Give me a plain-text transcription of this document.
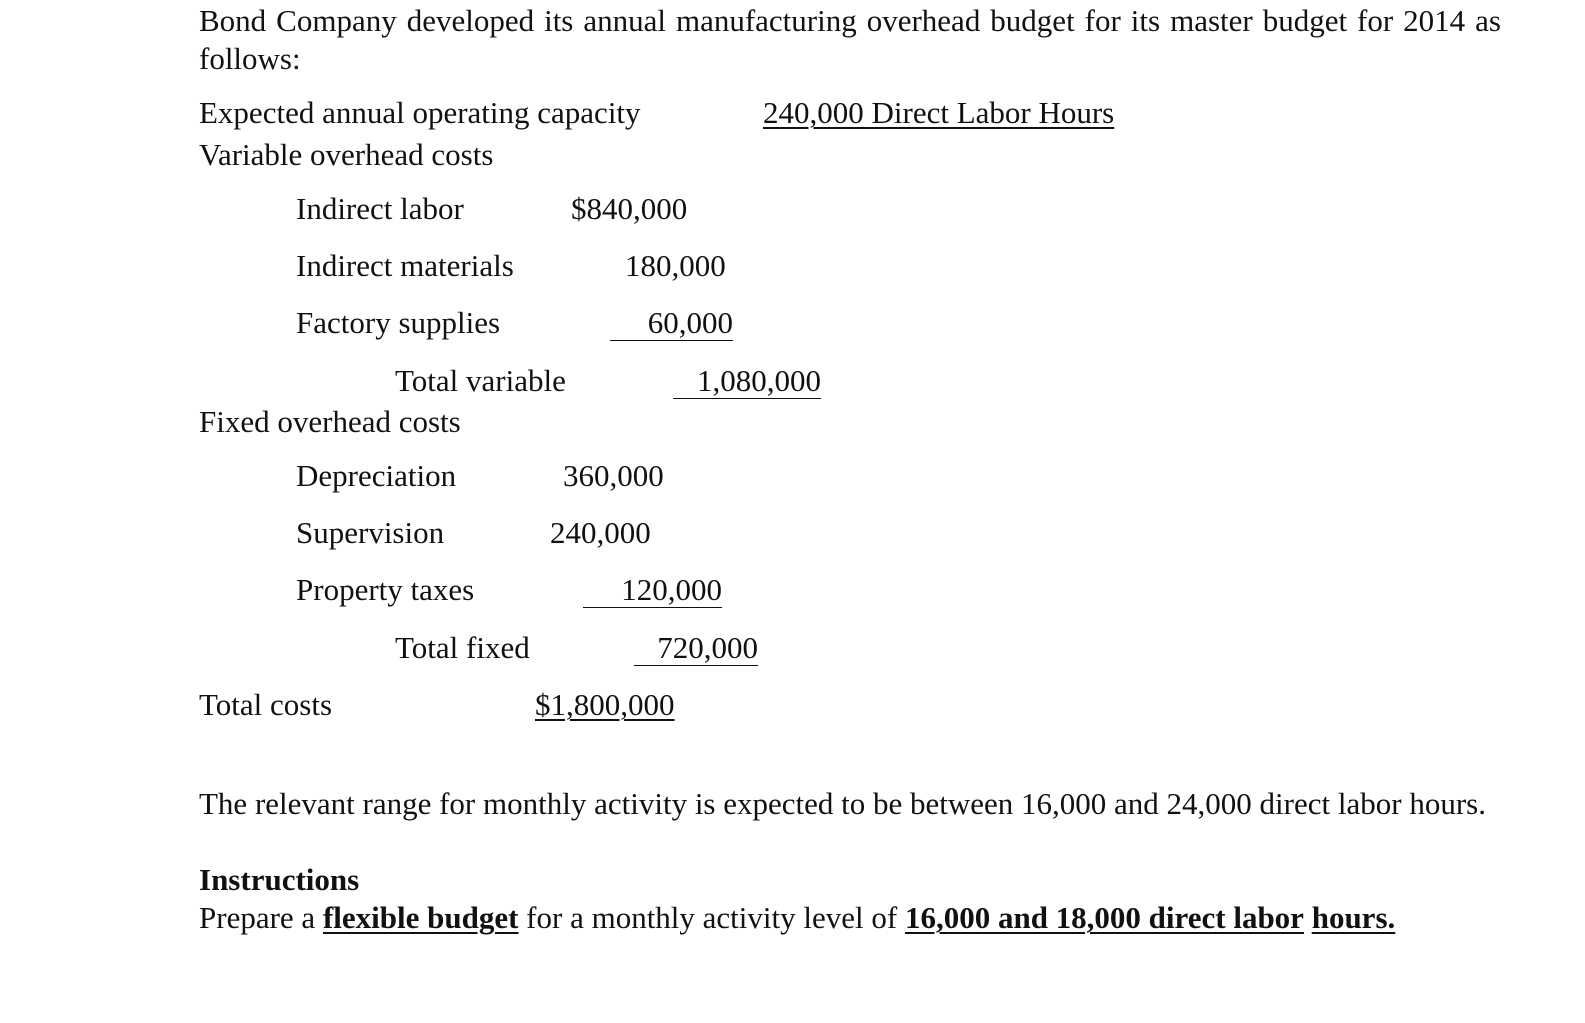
Bond Company developed its annual manufacturing overhead budget for its master budget for 2014 as follows:
Expected annual operating capacity	240,000 Direct Labor Hours
Variable overhead costs
Indirect labor	$840,000
Indirect materials	180,000
Factory supplies	60,000
Total variable	1,080,000
Fixed overhead costs
Depreciation	360,000
Supervision	240,000
Property taxes	120,000
Total fixed	720,000
Total costs	$1,800,000
The relevant range for monthly activity is expected to be between 16,000 and 24,000 direct labor hours.
Instructions
Prepare a flexible budget for a monthly activity level of 16,000 and 18,000 direct labor hours.
